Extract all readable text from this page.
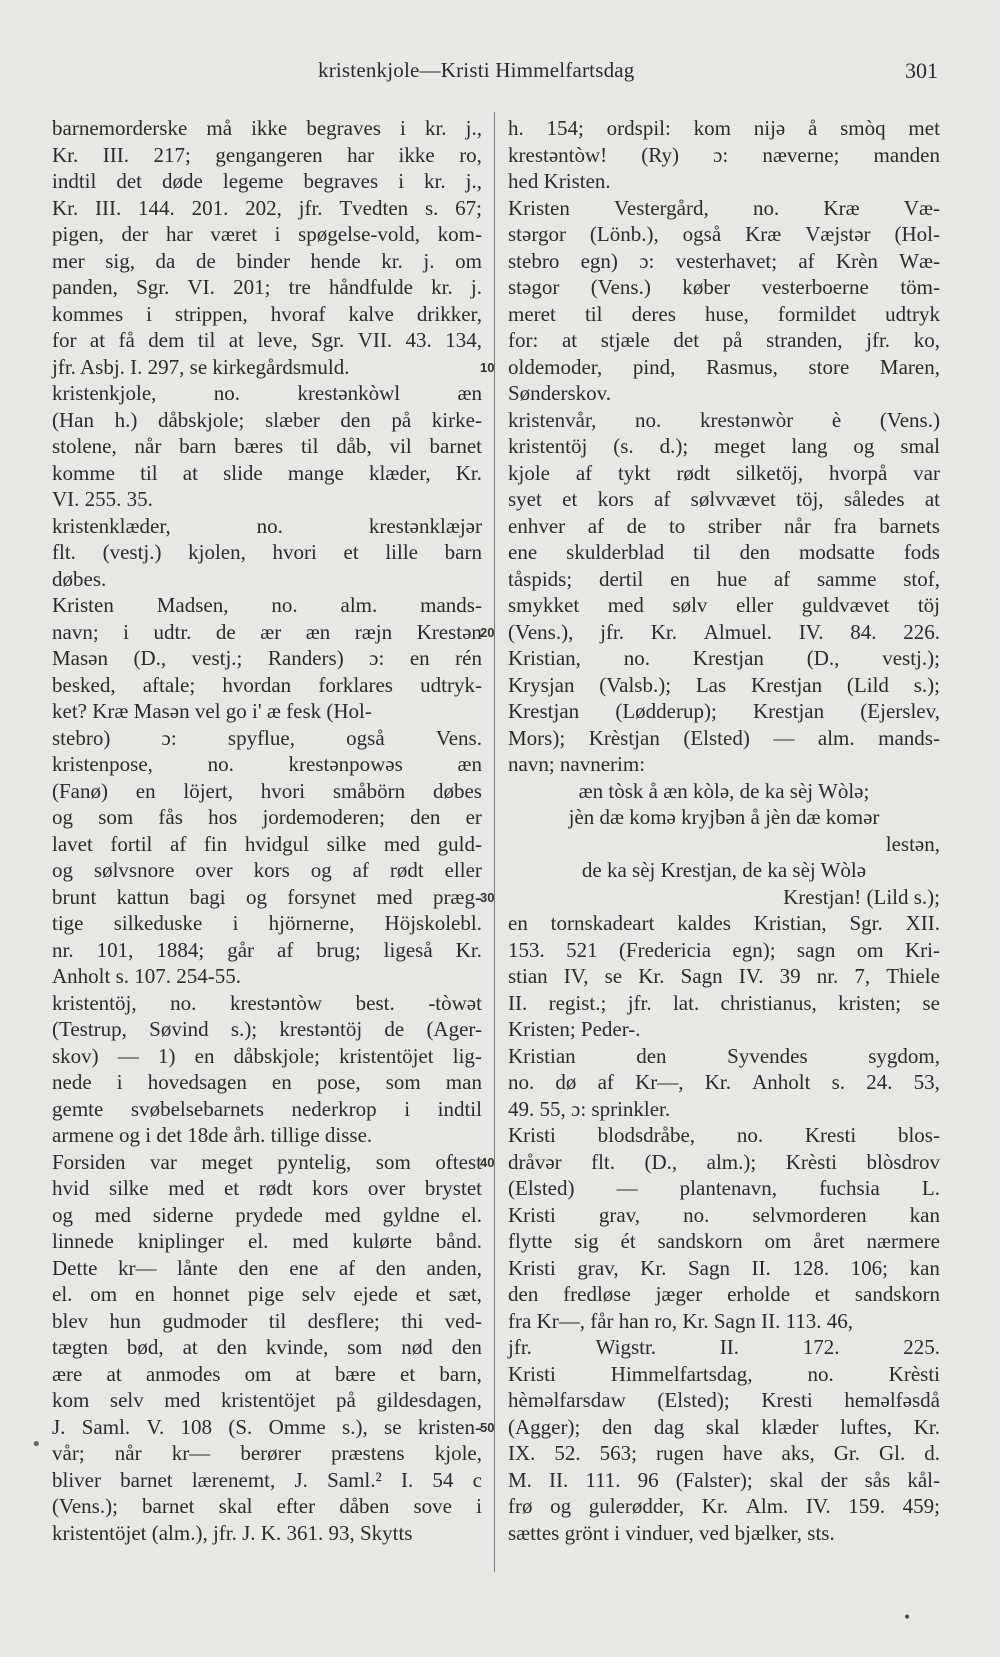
kristenkjole—Kristi Himmelfartsdag	301
barnemorderske må ikke begraves i kr. j.,
Kr. III. 217; gengangeren har ikke ro,
indtil det døde legeme begraves i kr. j.,
Kr. III. 144. 201. 202, jfr. Tvedten s. 67;
pigen, der har været i spøgelse-vold, kom-
mer sig, da de binder hende kr. j. om
panden, Sgr. VI. 201; tre håndfulde kr. j.
kommes i strippen, hvoraf kalve drikker,
for at få dem til at leve, Sgr. VII. 43. 134,
jfr. Asbj. I. 297, se kirkegårdsmuld.
kristenkjole,	no.	krestənkòwl	æn
(Han h.) dåbskjole; slæber den på kirke-
stolene, når barn bæres til dåb, vil barnet
komme til at slide mange klæder, Kr.
VI. 255. 35.
kristenklæder,	no.	krestənklæjər
flt. (vestj.) kjolen, hvori et lille barn
døbes.
Kristen Madsen, no. alm. mands-
navn; i udtr. de ær æn ræjn Krestən
Masən (D., vestj.; Randers) ɔ: en rén
besked, aftale; hvordan forklares udtryk-
ket? Kræ Masən vel go i' æ fesk (Hol-
stebro) ɔ: spyflue, også Vens.
kristenpose,	no.	krestənpowəs	æn
(Fanø) en löjert, hvori småbörn døbes
og som fås hos jordemoderen; den er
lavet fortil af fin hvidgul silke med guld-
og sølvsnore over kors og af rødt eller
brunt kattun bagi og forsynet med præg-
tige silkeduske i hjörnerne, Höjskolebl.
nr. 101, 1884; går af brug; ligeså Kr.
Anholt s. 107. 254-55.
kristentöj, no. krestəntòw best. -tòwət
(Testrup, Søvind s.); krestəntöj de (Ager-
skov) — 1) en dåbskjole; kristentöjet lig-
nede i hovedsagen en pose, som man
gemte svøbelsebarnets nederkrop i indtil
armene og i det 18de årh. tillige disse.
Forsiden var meget pyntelig, som oftest
hvid silke med et rødt kors over brystet
og med siderne prydede med gyldne el.
linnede kniplinger el. med kulørte bånd.
Dette kr— lånte den ene af den anden,
el. om en honnet pige selv ejede et sæt,
blev hun gudmoder til desflere; thi ved-
tægten bød, at den kvinde, som nød den
ære at anmodes om at bære et barn,
kom selv med kristentöjet på gildesdagen,
J. Saml. V. 108 (S. Omme s.), se kristen-
vår; når kr— berører præstens kjole,
bliver barnet lærenemt, J. Saml.² I. 54 c
(Vens.); barnet skal efter dåben sove i
kristentöjet (alm.), jfr. J. K. 361. 93, Skytts
h. 154; ordspil: kom nijə å smòq met
krestəntòw! (Ry) ɔ: næverne; manden
hed Kristen.
Kristen Vestergård, no. Kræ Væ-
stərgor (Lönb.), også Kræ Væjstər (Hol-
stebro egn) ɔ: vesterhavet; af Krèn Wæ-
stəgor (Vens.) køber vesterboerne töm-
meret til deres huse, formildet udtryk
for: at stjæle det på stranden, jfr. ko,
oldemoder, pind, Rasmus, store Maren,
Sønderskov.
kristenvår, no. krestənwòr è (Vens.)
kristentöj (s. d.); meget lang og smal
kjole af tykt rødt silketöj, hvorpå var
syet et kors af sølvvævet töj, således at
enhver af de to striber når fra barnets
ene skulderblad til den modsatte fods
tåspids; dertil en hue af samme stof,
smykket med sølv eller guldvævet töj
(Vens.), jfr. Kr. Almuel. IV. 84. 226.
Kristian, no. Krestjan (D., vestj.);
Krysjan (Valsb.); Las Krestjan (Lild s.);
Krestjan (Lødderup); Krestjan (Ejerslev,
Mors); Krèstjan (Elsted) — alm. mands-
navn; navnerim:
æn tòsk å æn kòlə, de ka sèj Wòlə;
jèn dæ komə kryjbən å jèn dæ komər
lestən,
de ka sèj Krestjan, de ka sèj Wòlə
Krestjan! (Lild s.);
en tornskadeart kaldes Kristian, Sgr. XII.
153. 521 (Fredericia egn); sagn om Kri-
stian IV, se Kr. Sagn IV. 39 nr. 7, Thiele
II. regist.; jfr. lat. christianus, kristen; se
Kristen; Peder-.
Kristian	den	Syvendes	sygdom,
no. dø af Kr—, Kr. Anholt s. 24. 53,
49. 55, ɔ: sprinkler.
Kristi blodsdråbe, no. Kresti blos-
dråvər flt. (D., alm.); Krèsti blòsdrov
(Elsted) — plantenavn, fuchsia L.
Kristi grav, no. selvmorderen kan
flytte sig ét sandskorn om året nærmere
Kristi grav, Kr. Sagn II. 128. 106; kan
den fredløse jæger erholde et sandskorn
fra Kr—, får han ro, Kr. Sagn II. 113. 46,
jfr.	Wigstr.	II.	172.	225.
Kristi	Himmelfartsdag,	no.	Krèsti
hèməlfarsdaw (Elsted); Kresti heməlfəsdå
(Agger); den dag skal klæder luftes, Kr.
IX. 52. 563; rugen have aks, Gr. Gl. d.
M. II. 111. 96 (Falster); skal der sås kål-
frø og gulerødder, Kr. Alm. IV. 159. 459;
sættes grönt i vinduer, ved bjælker, sts.
10
20
30
40
50
•
•
